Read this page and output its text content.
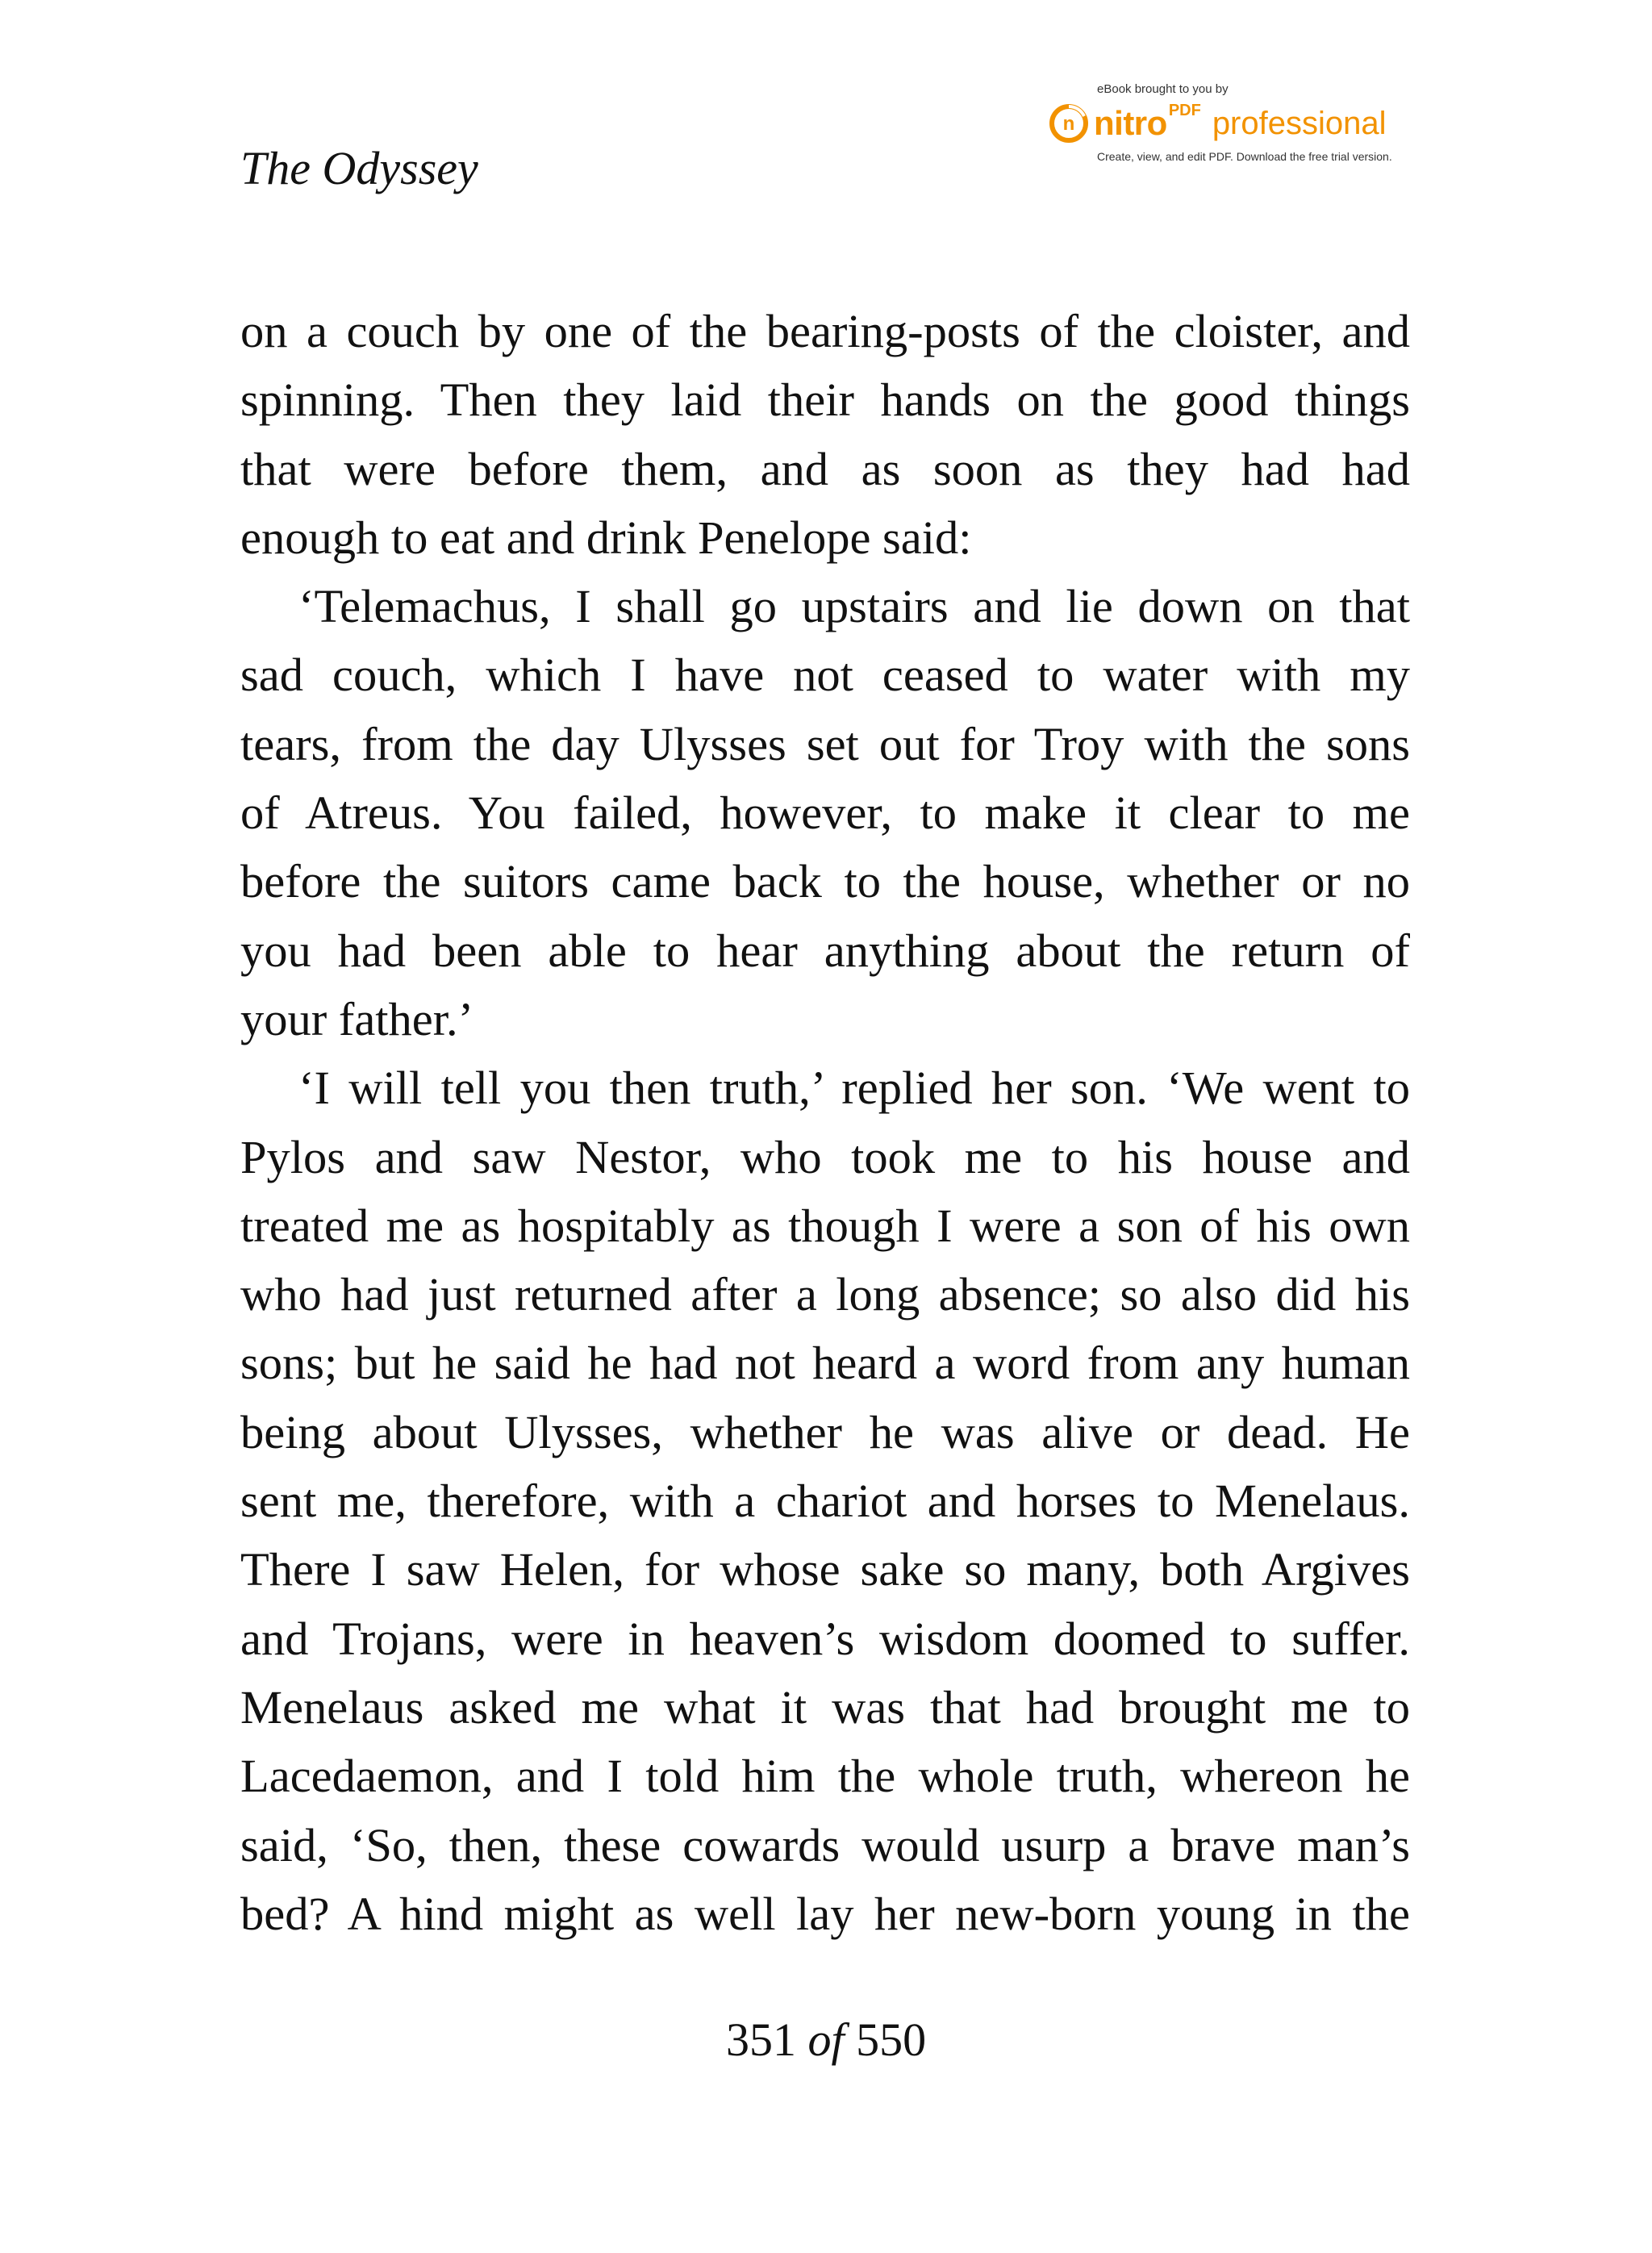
The Odyssey
eBook brought to you by
n nitro PDF professional
Create, view, and edit PDF. Download the free trial version.
on a couch by one of the bearing-posts of the cloister, and
spinning. Then they laid their hands on the good things
that were before them, and as soon as they had had
enough to eat and drink Penelope said:
‘Telemachus, I shall go upstairs and lie down on that
sad couch, which I have not ceased to water with my
tears, from the day Ulysses set out for Troy with the sons
of Atreus. You failed, however, to make it clear to me
before the suitors came back to the house, whether or no
you had been able to hear anything about the return of
your father.’
‘I will tell you then truth,’ replied her son. ‘We went to
Pylos and saw Nestor, who took me to his house and
treated me as hospitably as though I were a son of his own
who had just returned after a long absence; so also did his
sons; but he said he had not heard a word from any human
being about Ulysses, whether he was alive or dead. He
sent me, therefore, with a chariot and horses to Menelaus.
There I saw Helen, for whose sake so many, both Argives
and Trojans, were in heaven’s wisdom doomed to suffer.
Menelaus asked me what it was that had brought me to
Lacedaemon, and I told him the whole truth, whereon he
said, ‘So, then, these cowards would usurp a brave man’s
bed? A hind might as well lay her new-born young in the
351 of 550
